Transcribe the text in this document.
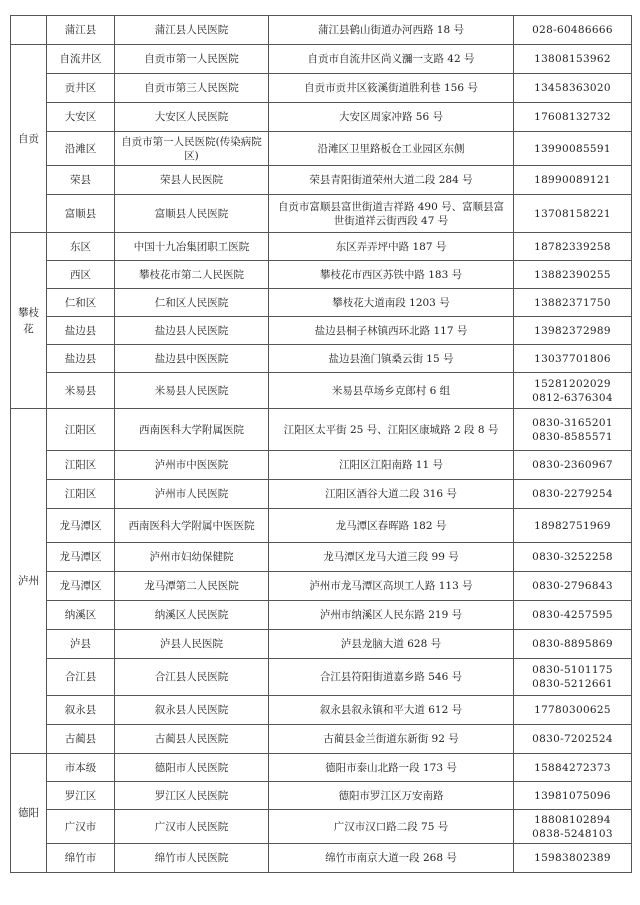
	蒲江县	蒲江县人民医院	蒲江县鹤山街道办河西路 18 号	028-60486666

自贡	自流井区	自贡市第一人民医院	自贡市自流井区尚义瀰一支路 42 号	13808153962

	贡井区	自贡市第三人民医院	自贡市贡井区筱溪街道胜利巷 156 号	13458363020

	大安区	大安区人民医院	大安区周家冲路 56 号	17608132732

	沿滩区	自贡市第一人民医院(传染病院区)	沿滩区卫里路板仓工业园区东侧	13990085591

	荣县	荣县人民医院	荣县青阳街道荣州大道二段 284 号	18990089121

	富顺县	富顺县人民医院	自贡市富顺县富世街道吉祥路 490 号、富顺县富世街道祥云街西段 47 号	13708158221

攀枝花	东区	中国十九冶集团职工医院	东区弄弄坪中路 187 号	18782339258

	西区	攀枝花市第二人民医院	攀枝花市西区苏铁中路 183 号	13882390255

	仁和区	仁和区人民医院	攀枝花大道南段 1203 号	13882371750

	盐边县	盐边县人民医院	盐边县桐子林镇西环北路 117 号	13982372989

	盐边县	盐边县中医医院	盐边县渔门镇桑云街 15 号	13037701806

	米易县	米易县人民医院	米易县草场乡克郎村 6 组	15281202029
0812-6376304

泸州	江阳区	西南医科大学附属医院	江阳区太平街 25 号、江阳区康城路 2 段 8 号	0830-3165201
0830-8585571

	江阳区	泸州市中医医院	江阳区江阳南路 11 号	0830-2360967

	江阳区	泸州市人民医院	江阳区酒谷大道二段 316 号	0830-2279254

	龙马潭区	西南医科大学附属中医医院	龙马潭区春晖路 182 号	18982751969

	龙马潭区	泸州市妇幼保健院	龙马潭区龙马大道三段 99 号	0830-3252258

	龙马潭区	龙马潭第二人民医院	泸州市龙马潭区高坝工人路 113 号	0830-2796843

	纳溪区	纳溪区人民医院	泸州市纳溪区人民东路 219 号	0830-4257595

	泸县	泸县人民医院	泸县龙脑大道 628 号	0830-8895869

	合江县	合江县人民医院	合江县符阳街道嘉乡路 546 号	0830-5101175
0830-5212661

	叙永县	叙永县人民医院	叙永县叙永镇和平大道 612 号	17780300625

	古蔺县	古蔺县人民医院	古蔺县金兰街道东新街 92 号	0830-7202524

德阳	市本级	德阳市人民医院	德阳市泰山北路一段 173 号	15884272373

	罗江区	罗江区人民医院	德阳市罗江区万安南路	13981075096

	广汉市	广汉市人民医院	广汉市汉口路二段 75 号	18808102894
0838-5248103

	绵竹市	绵竹市人民医院	绵竹市南京大道一段 268 号	15983802389
